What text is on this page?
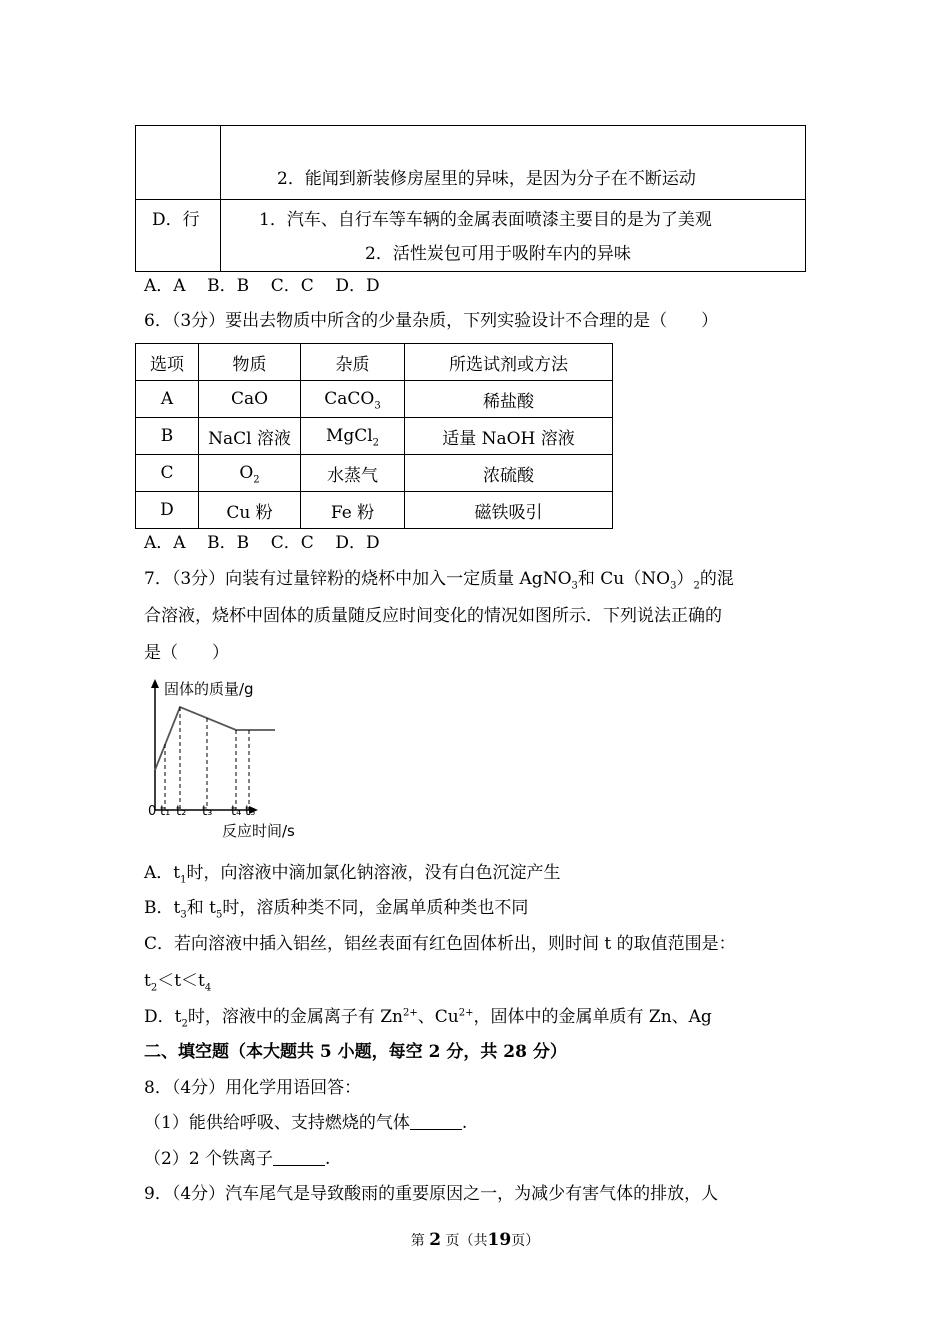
	2．能闻到新装修房屋里的异味，是因为分子在不断运动

D．行	1．汽车、自行车等车辆的金属表面喷漆主要目的是为了美观
2．活性炭包可用于吸附车内的异味
A．A    B．B    C．C    D．D
6．（3分）要出去物质中所含的少量杂质，下列实验设计不合理的是（　　）
选项	物质	杂质	所选试剂或方法
A	CaO	CaCO$_3$	稀盐酸
B	NaCl 溶液	MgCl$_2$	适量 NaOH 溶液
C	$O_2$	水蒸气	浓硫酸
D	Cu 粉	Fe 粉	磁铁吸引
A．A    B．B    C．C    D．D
7．（3分）向装有过量锌粉的烧杯中加入一定质量 AgNO$_3$和 $Cu(NO_3)_2$的混
合溶液，烧杯中固体的质量随反应时间变化的情况如图所示．下列说法正确的
是（　　）
固体的质量/g
0 t₁ t₂ t₃ t₄ t₅
反应时间/s
A．$t_1$时，向溶液中滴加氯化钠溶液，没有白色沉淀产生
B．$t_3$和 $t_5$时，溶质种类不同，金属单质种类也不同
C．若向溶液中插入铝丝，铝丝表面有红色固体析出，则时间 t 的取值范围是：
$t_2<t<t_4$
D．$t_2$时，溶液中的金属离子有 $Zn^{2+}$、$Cu^{2+}$，固体中的金属单质有 Zn、Ag
二、填空题（本大题共 5 小题，每空 2 分，共 28 分）
8．（4分）用化学用语回答：
（1）能供给呼吸、支持燃烧的气体	.
（2）2 个铁离子	.
9．（4分）汽车尾气是导致酸雨的重要原因之一，为减少有害气体的排放，人
第 2 页（共19页）
